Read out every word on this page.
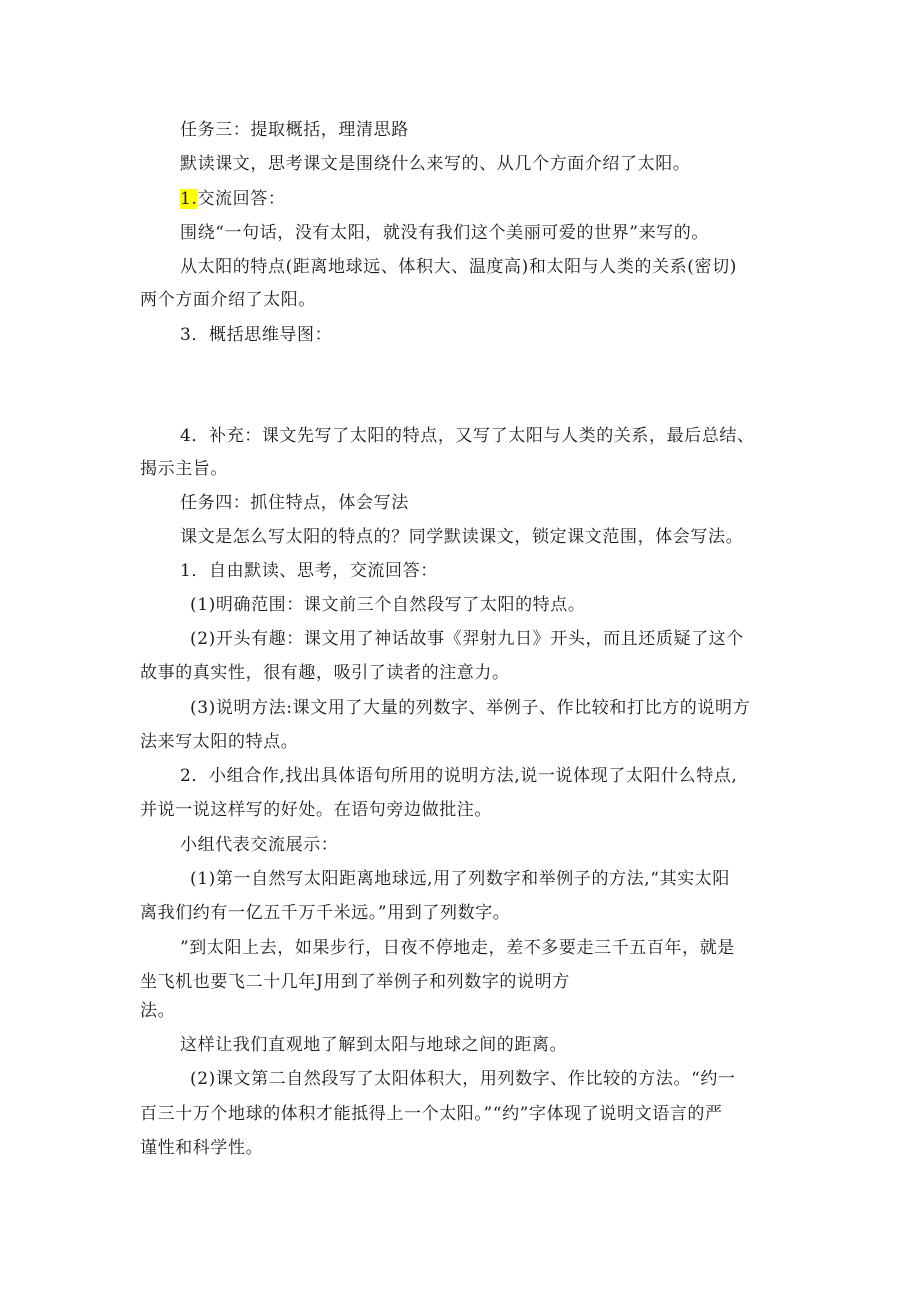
任务三：提取概括，理清思路
默读课文，思考课文是围绕什么来写的、从几个方面介绍了太阳。
1.交流回答：
围绕“一句话，没有太阳，就没有我们这个美丽可爱的世界”来写的。
从太阳的特点(距离地球远、体积大、温度高)和太阳与人类的关系(密切)
两个方面介绍了太阳。
3．概括思维导图：
4．补充：课文先写了太阳的特点，又写了太阳与人类的关系，最后总结、
揭示主旨。
任务四：抓住特点，体会写法
课文是怎么写太阳的特点的？同学默读课文，锁定课文范围，体会写法。
1．自由默读、思考，交流回答：
(1)明确范围：课文前三个自然段写了太阳的特点。
(2)开头有趣：课文用了神话故事《羿射九日》开头，而且还质疑了这个
故事的真实性，很有趣，吸引了读者的注意力。
(3)说明方法:课文用了大量的列数字、举例子、作比较和打比方的说明方
法来写太阳的特点。
2．小组合作,找出具体语句所用的说明方法,说一说体现了太阳什么特点,
并说一说这样写的好处。在语句旁边做批注。
小组代表交流展示：
(1)第一自然写太阳距离地球远,用了列数字和举例子的方法,“其实太阳
离我们约有一亿五千万千米远。”用到了列数字。
”到太阳上去，如果步行，日夜不停地走，差不多要走三千五百年，就是
坐飞机也要飞二十几年J用到了举例子和列数字的说明方
法。
这样让我们直观地了解到太阳与地球之间的距离。
(2)课文第二自然段写了太阳体积大，用列数字、作比较的方法。“约一
百三十万个地球的体积才能抵得上一个太阳。”“约”字体现了说明文语言的严
谨性和科学性。
